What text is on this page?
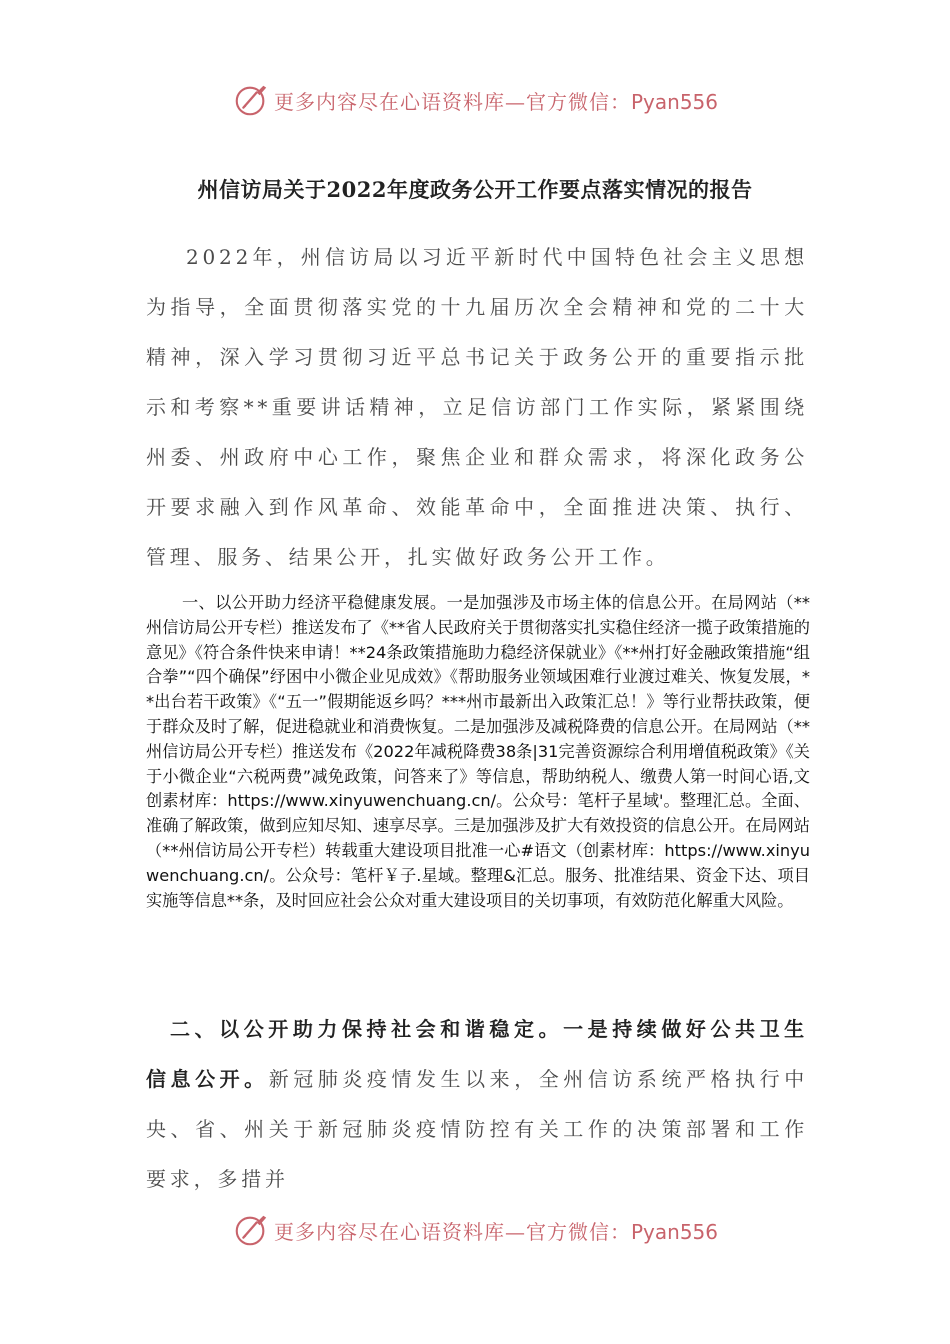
更多内容尽在心语资料库—官方微信：Pyan556
州信访局关于2022年度政务公开工作要点落实情况的报告

2022年，州信访局以习近平新时代中国特色社会主义思想为指导，全面贯彻落实党的十九届历次全会精神和党的二十大精神，深入学习贯彻习近平总书记关于政务公开的重要指示批示和考察**重要讲话精神，立足信访部门工作实际，紧紧围绕州委、州政府中心工作，聚焦企业和群众需求，将深化政务公开要求融入到作风革命、效能革命中，全面推进决策、执行、管理、服务、结果公开，扎实做好政务公开工作。

一、以公开助力经济平稳健康发展。一是加强涉及市场主体的信息公开。在局网站（**州信访局公开专栏）推送发布了《**省人民政府关于贯彻落实扎实稳住经济一揽子政策措施的意见》《符合条件快来申请！**24条政策措施助力稳经济保就业》《**州打好金融政策措施“组合拳”“四个确保”纾困中小微企业见成效》《帮助服务业领域困难行业渡过难关、恢复发展，**出台若干政策》《“五一”假期能返乡吗？***州市最新出入政策汇总！》等行业帮扶政策，便于群众及时了解，促进稳就业和消费恢复。二是加强涉及减税降费的信息公开。在局网站（**州信访局公开专栏）推送发布《2022年减税降费38条|31完善资源综合利用增值税政策》《关于小微企业“六税两费”减免政策，问答来了》等信息，帮助纳税人、缴费人第一时间心语,文创素材库：https://www.xinyuwenchuang.cn/。公众号：笔杆子星域'。整理汇总。全面、准确了解政策，做到应知尽知、速享尽享。三是加强涉及扩大有效投资的信息公开。在局网站（**州信访局公开专栏）转载重大建设项目批准一心#语文（创素材库：https://www.xinyuwenchuang.cn/。公众号：笔杆￥子.星域。整理&汇总。服务、批准结果、资金下达、项目实施等信息**条，及时回应社会公众对重大建设项目的关切事项，有效防范化解重大风险。

二、以公开助力保持社会和谐稳定。一是持续做好公共卫生信息公开。新冠肺炎疫情发生以来，全州信访系统严格执行中央、省、州关于新冠肺炎疫情防控有关工作的决策部署和工作要求，多措并

更多内容尽在心语资料库—官方微信：Pyan556
